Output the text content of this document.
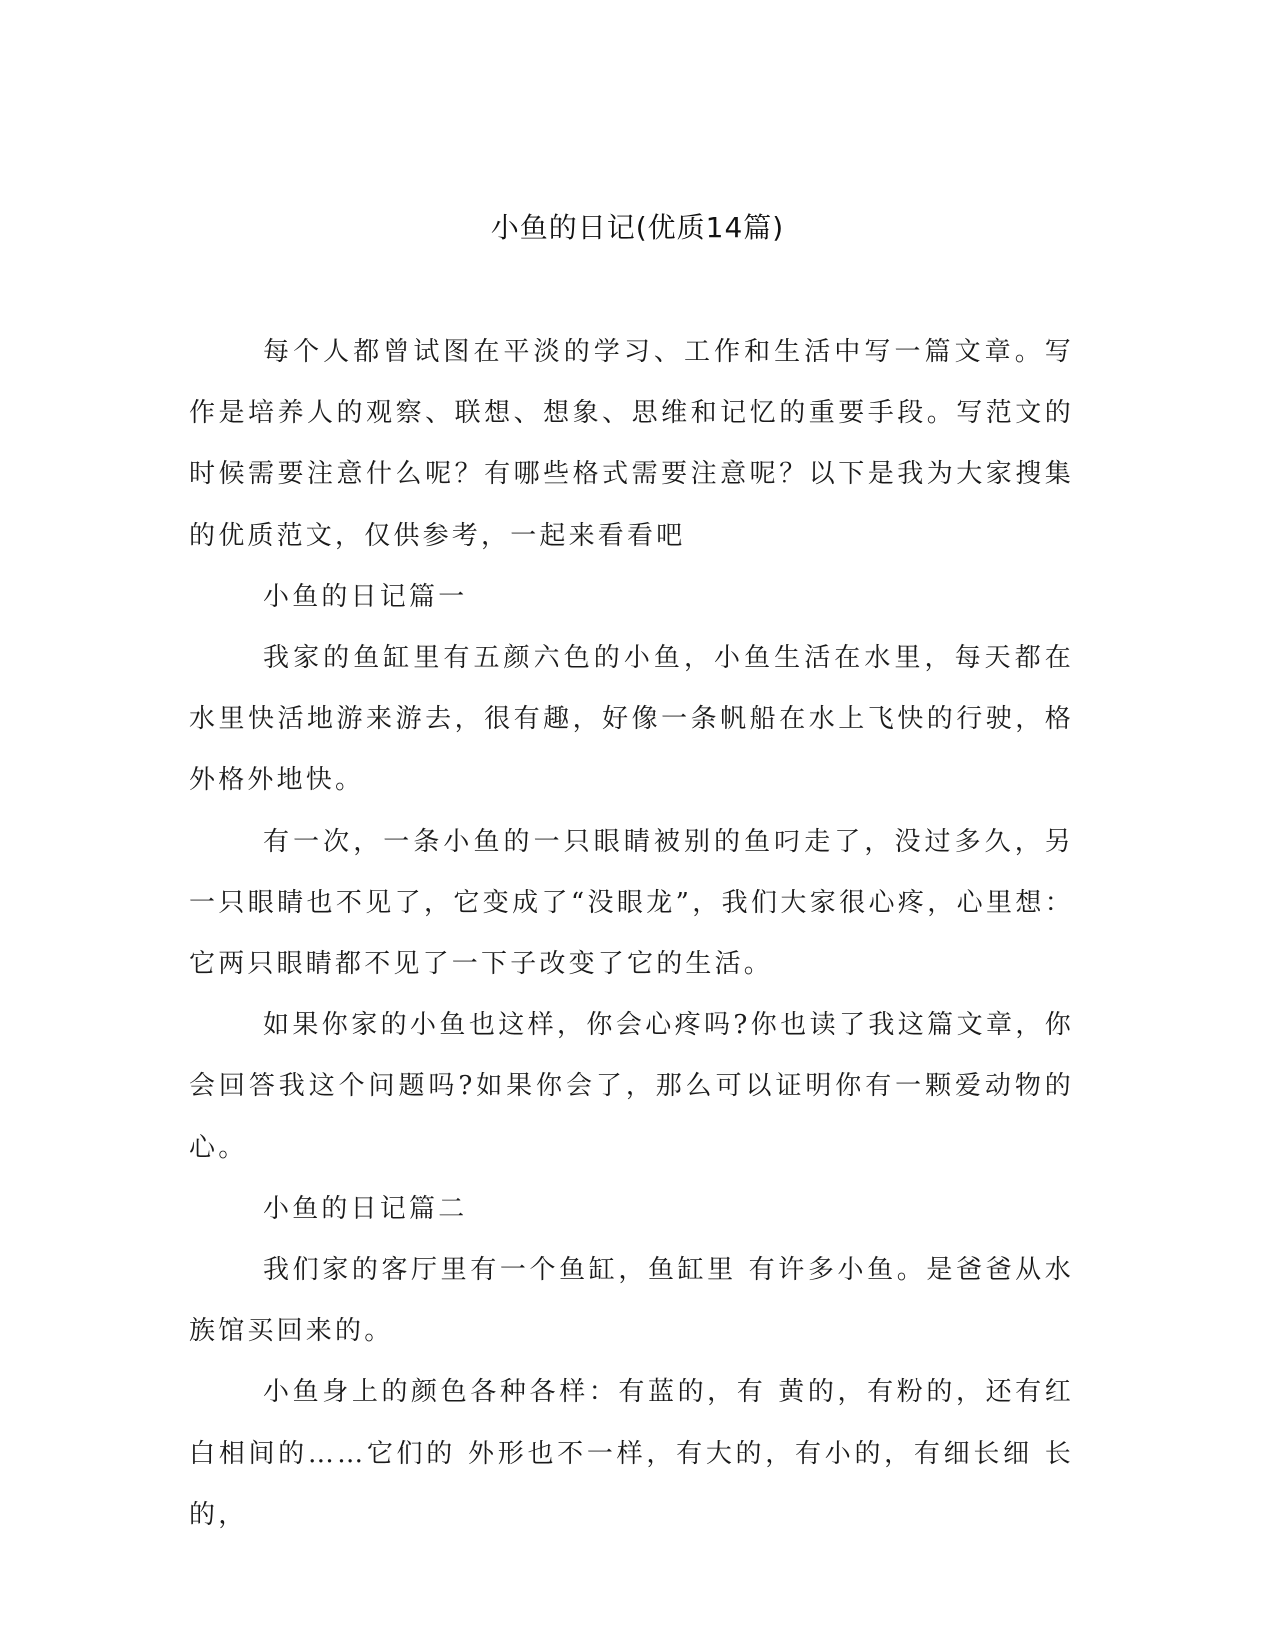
小鱼的日记(优质14篇)

每个人都曾试图在平淡的学习、工作和生活中写一篇文章。写作是培养人的观察、联想、想象、思维和记忆的重要手段。写范文的时候需要注意什么呢？有哪些格式需要注意呢？以下是我为大家搜集的优质范文，仅供参考，一起来看看吧

小鱼的日记篇一

我家的鱼缸里有五颜六色的小鱼，小鱼生活在水里，每天都在水里快活地游来游去，很有趣，好像一条帆船在水上飞快的行驶，格外格外地快。

有一次，一条小鱼的一只眼睛被别的鱼叼走了，没过多久，另一只眼睛也不见了，它变成了“没眼龙”，我们大家很心疼，心里想：它两只眼睛都不见了一下子改变了它的生活。

如果你家的小鱼也这样，你会心疼吗?你也读了我这篇文章，你会回答我这个问题吗?如果你会了，那么可以证明你有一颗爱动物的心。

小鱼的日记篇二

我们家的客厅里有一个鱼缸，鱼缸里 有许多小鱼。是爸爸从水族馆买回来的。

小鱼身上的颜色各种各样：有蓝的，有 黄的，有粉的，还有红白相间的……它们的 外形也不一样，有大的，有小的，有细长细 长的，
